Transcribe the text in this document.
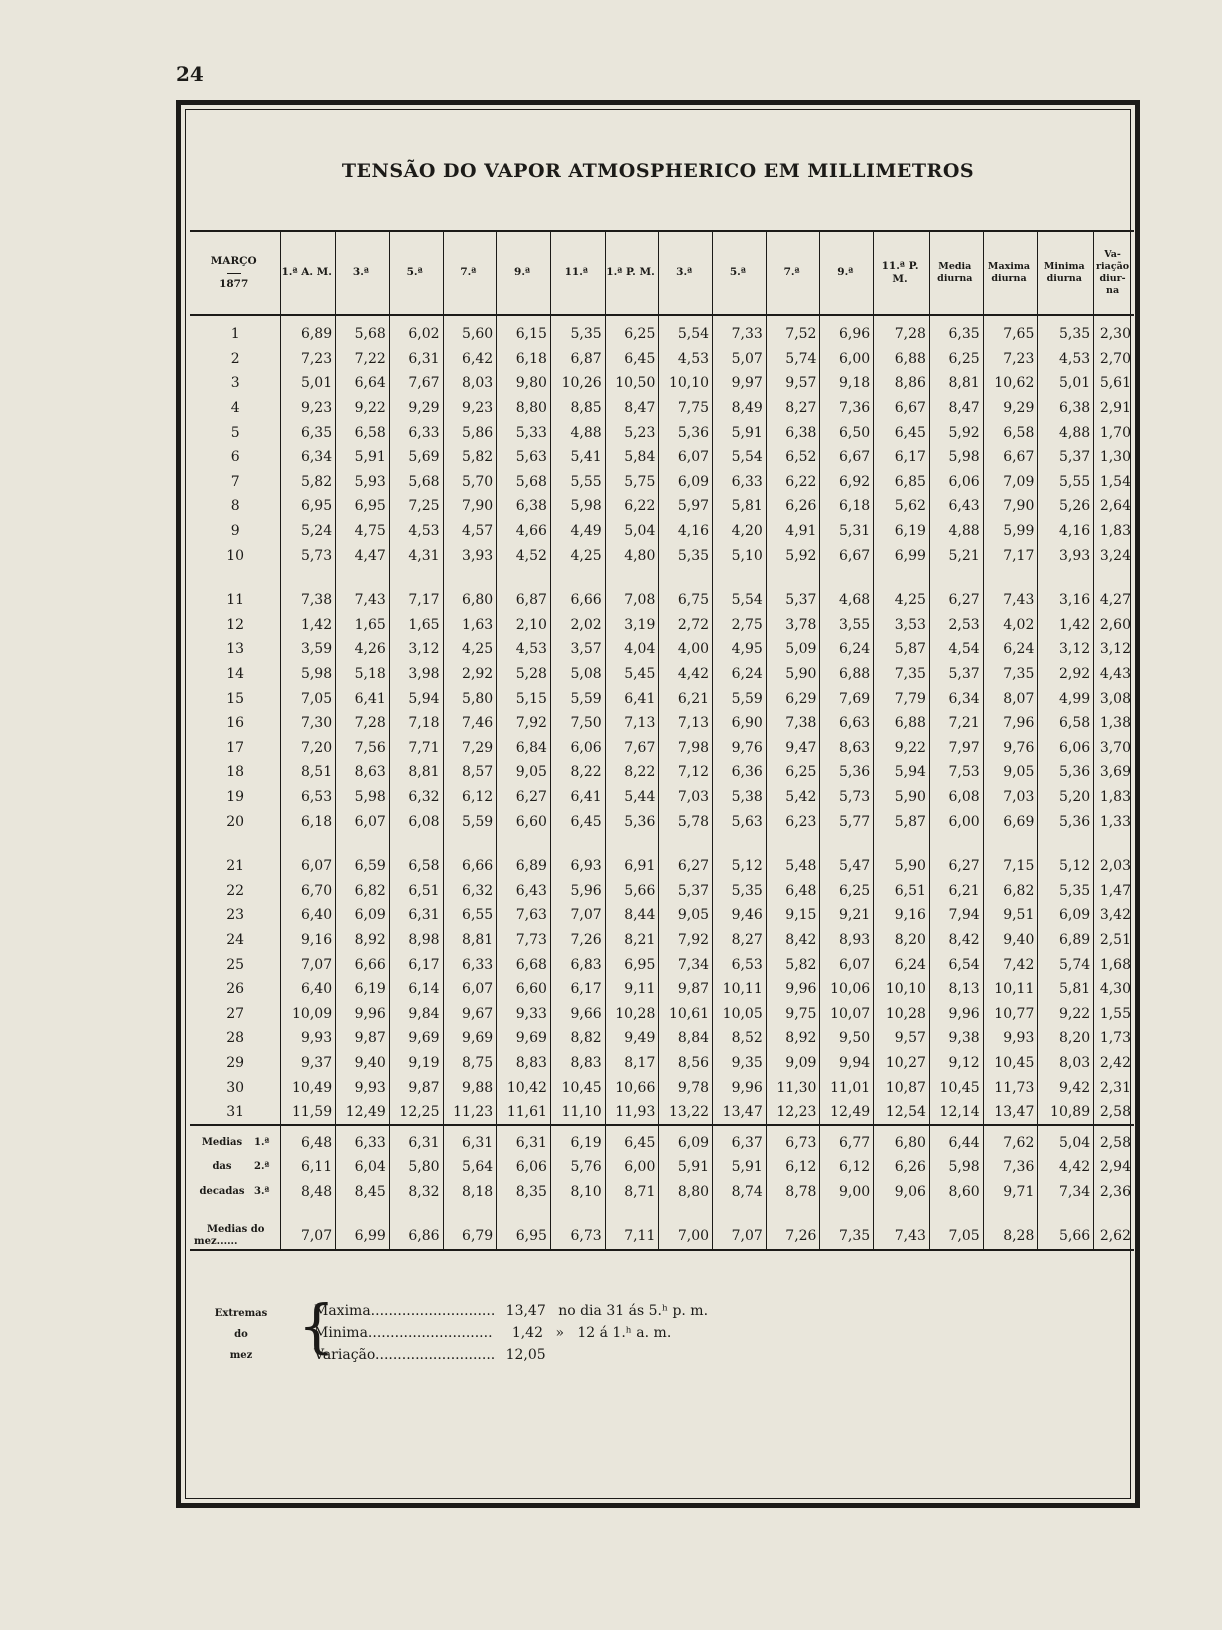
24
TENSÃO DO VAPOR ATMOSPHERICO EM MILLIMETROS
MARÇO
1877	1.ª A. M.	3.ª	5.ª	7.ª	9.ª	11.ª	1.ª P. M.	3.ª	5.ª	7.ª	9.ª	11.ª P. M.	Media diurna	Maxima diurna	Minima diurna	Va- riação diur- na
1	6,89	5,68	6,02	5,60	6,15	5,35	6,25	5,54	7,33	7,52	6,96	7,28	6,35	7,65	5,35	2,30
2	7,23	7,22	6,31	6,42	6,18	6,87	6,45	4,53	5,07	5,74	6,00	6,88	6,25	7,23	4,53	2,70
3	5,01	6,64	7,67	8,03	9,80	10,26	10,50	10,10	9,97	9,57	9,18	8,86	8,81	10,62	5,01	5,61
4	9,23	9,22	9,29	9,23	8,80	8,85	8,47	7,75	8,49	8,27	7,36	6,67	8,47	9,29	6,38	2,91
5	6,35	6,58	6,33	5,86	5,33	4,88	5,23	5,36	5,91	6,38	6,50	6,45	5,92	6,58	4,88	1,70
6	6,34	5,91	5,69	5,82	5,63	5,41	5,84	6,07	5,54	6,52	6,67	6,17	5,98	6,67	5,37	1,30
7	5,82	5,93	5,68	5,70	5,68	5,55	5,75	6,09	6,33	6,22	6,92	6,85	6,06	7,09	5,55	1,54
8	6,95	6,95	7,25	7,90	6,38	5,98	6,22	5,97	5,81	6,26	6,18	5,62	6,43	7,90	5,26	2,64
9	5,24	4,75	4,53	4,57	4,66	4,49	5,04	4,16	4,20	4,91	5,31	6,19	4,88	5,99	4,16	1,83
10	5,73	4,47	4,31	3,93	4,52	4,25	4,80	5,35	5,10	5,92	6,67	6,99	5,21	7,17	3,93	3,24

11	7,38	7,43	7,17	6,80	6,87	6,66	7,08	6,75	5,54	5,37	4,68	4,25	6,27	7,43	3,16	4,27
12	1,42	1,65	1,65	1,63	2,10	2,02	3,19	2,72	2,75	3,78	3,55	3,53	2,53	4,02	1,42	2,60
13	3,59	4,26	3,12	4,25	4,53	3,57	4,04	4,00	4,95	5,09	6,24	5,87	4,54	6,24	3,12	3,12
14	5,98	5,18	3,98	2,92	5,28	5,08	5,45	4,42	6,24	5,90	6,88	7,35	5,37	7,35	2,92	4,43
15	7,05	6,41	5,94	5,80	5,15	5,59	6,41	6,21	5,59	6,29	7,69	7,79	6,34	8,07	4,99	3,08
16	7,30	7,28	7,18	7,46	7,92	7,50	7,13	7,13	6,90	7,38	6,63	6,88	7,21	7,96	6,58	1,38
17	7,20	7,56	7,71	7,29	6,84	6,06	7,67	7,98	9,76	9,47	8,63	9,22	7,97	9,76	6,06	3,70
18	8,51	8,63	8,81	8,57	9,05	8,22	8,22	7,12	6,36	6,25	5,36	5,94	7,53	9,05	5,36	3,69
19	6,53	5,98	6,32	6,12	6,27	6,41	5,44	7,03	5,38	5,42	5,73	5,90	6,08	7,03	5,20	1,83
20	6,18	6,07	6,08	5,59	6,60	6,45	5,36	5,78	5,63	6,23	5,77	5,87	6,00	6,69	5,36	1,33

21	6,07	6,59	6,58	6,66	6,89	6,93	6,91	6,27	5,12	5,48	5,47	5,90	6,27	7,15	5,12	2,03
22	6,70	6,82	6,51	6,32	6,43	5,96	5,66	5,37	5,35	6,48	6,25	6,51	6,21	6,82	5,35	1,47
23	6,40	6,09	6,31	6,55	7,63	7,07	8,44	9,05	9,46	9,15	9,21	9,16	7,94	9,51	6,09	3,42
24	9,16	8,92	8,98	8,81	7,73	7,26	8,21	7,92	8,27	8,42	8,93	8,20	8,42	9,40	6,89	2,51
25	7,07	6,66	6,17	6,33	6,68	6,83	6,95	7,34	6,53	5,82	6,07	6,24	6,54	7,42	5,74	1,68
26	6,40	6,19	6,14	6,07	6,60	6,17	9,11	9,87	10,11	9,96	10,06	10,10	8,13	10,11	5,81	4,30
27	10,09	9,96	9,84	9,67	9,33	9,66	10,28	10,61	10,05	9,75	10,07	10,28	9,96	10,77	9,22	1,55
28	9,93	9,87	9,69	9,69	9,69	8,82	9,49	8,84	8,52	8,92	9,50	9,57	9,38	9,93	8,20	1,73
29	9,37	9,40	9,19	8,75	8,83	8,83	8,17	8,56	9,35	9,09	9,94	10,27	9,12	10,45	8,03	2,42
30	10,49	9,93	9,87	9,88	10,42	10,45	10,66	9,78	9,96	11,30	11,01	10,87	10,45	11,73	9,42	2,31
31	11,59	12,49	12,25	11,23	11,61	11,10	11,93	13,22	13,47	12,23	12,49	12,54	12,14	13,47	10,89	2,58
Medias 1.ª	6,48	6,33	6,31	6,31	6,31	6,19	6,45	6,09	6,37	6,73	6,77	6,80	6,44	7,62	5,04	2,58
das 2.ª	6,11	6,04	5,80	5,64	6,06	5,76	6,00	5,91	5,91	6,12	6,12	6,26	5,98	7,36	4,42	2,94
decadas 3.ª	8,48	8,45	8,32	8,18	8,35	8,10	8,71	8,80	8,74	8,78	9,00	9,06	8,60	9,71	7,34	2,36

Medias do
mez......	7,07	6,99	6,86	6,79	6,95	6,73	7,11	7,00	7,07	7,26	7,35	7,43	7,05	8,28	5,66	2,62
Extremas
do
mez {
Maxima............................ 13,47 no dia 31 ás 5.ʰ p. m.
Minima............................ 1,42 »   12 á 1.ʰ a. m.
Variação........................... 12,05
